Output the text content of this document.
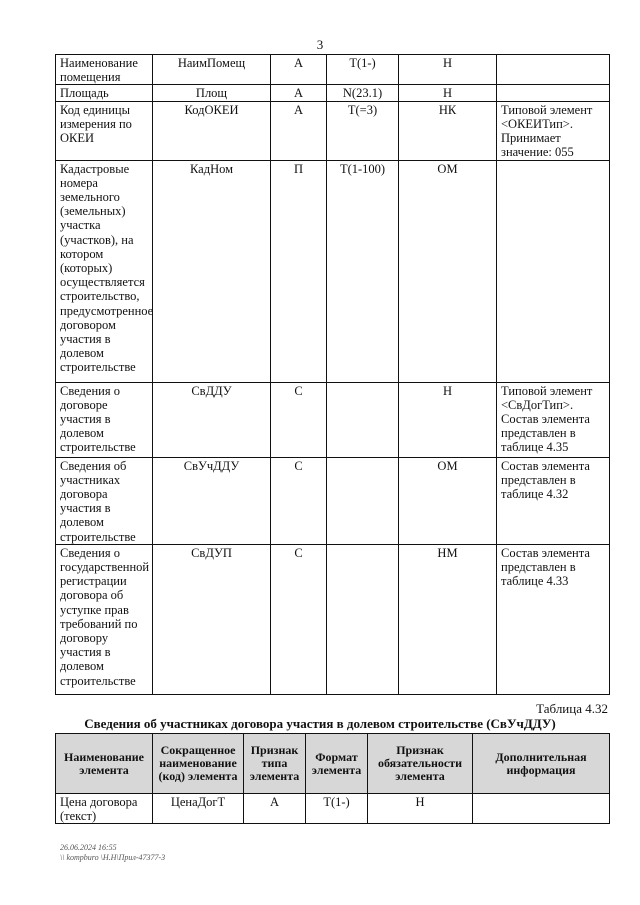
3
Наименование помещения	НаимПомещ	А	Т(1-)	Н	
Площадь	Площ	А	N(23.1)	Н	
Код единицы измерения по ОКЕИ	КодОКЕИ	А	Т(=3)	НК	Типовой элемент <ОКЕИТип>. Принимает значение: 055
Кадастровые номера земельного (земельных) участка (участков), на котором (которых) осуществляется строительство, предусмотренное договором участия в долевом строительстве	КадНом	П	Т(1-100)	ОМ	
Сведения о договоре участия в долевом строительстве	СвДДУ	С		Н	Типовой элемент <СвДогТип>. Состав элемента представлен в таблице 4.35
Сведения об участниках договора участия в долевом строительстве	СвУчДДУ	С		ОМ	Состав элемента представлен в таблице 4.32
Сведения о государственной регистрации договора об уступке прав требований по договору участия в долевом строительстве	СвДУП	С		НМ	Состав элемента представлен в таблице 4.33
Таблица 4.32
Сведения об участниках договора участия в долевом строительстве (СвУчДДУ)
Наименование элемента	Сокращенное наименование (код) элемента	Признак типа элемента	Формат элемента	Признак обязательности элемента	Дополнительная информация
Цена договора (текст)	ЦенаДогТ	А	Т(1-)	Н	
26.06.2024 16:55
\\ kompburo \Н.Н\Прил-47377-3
